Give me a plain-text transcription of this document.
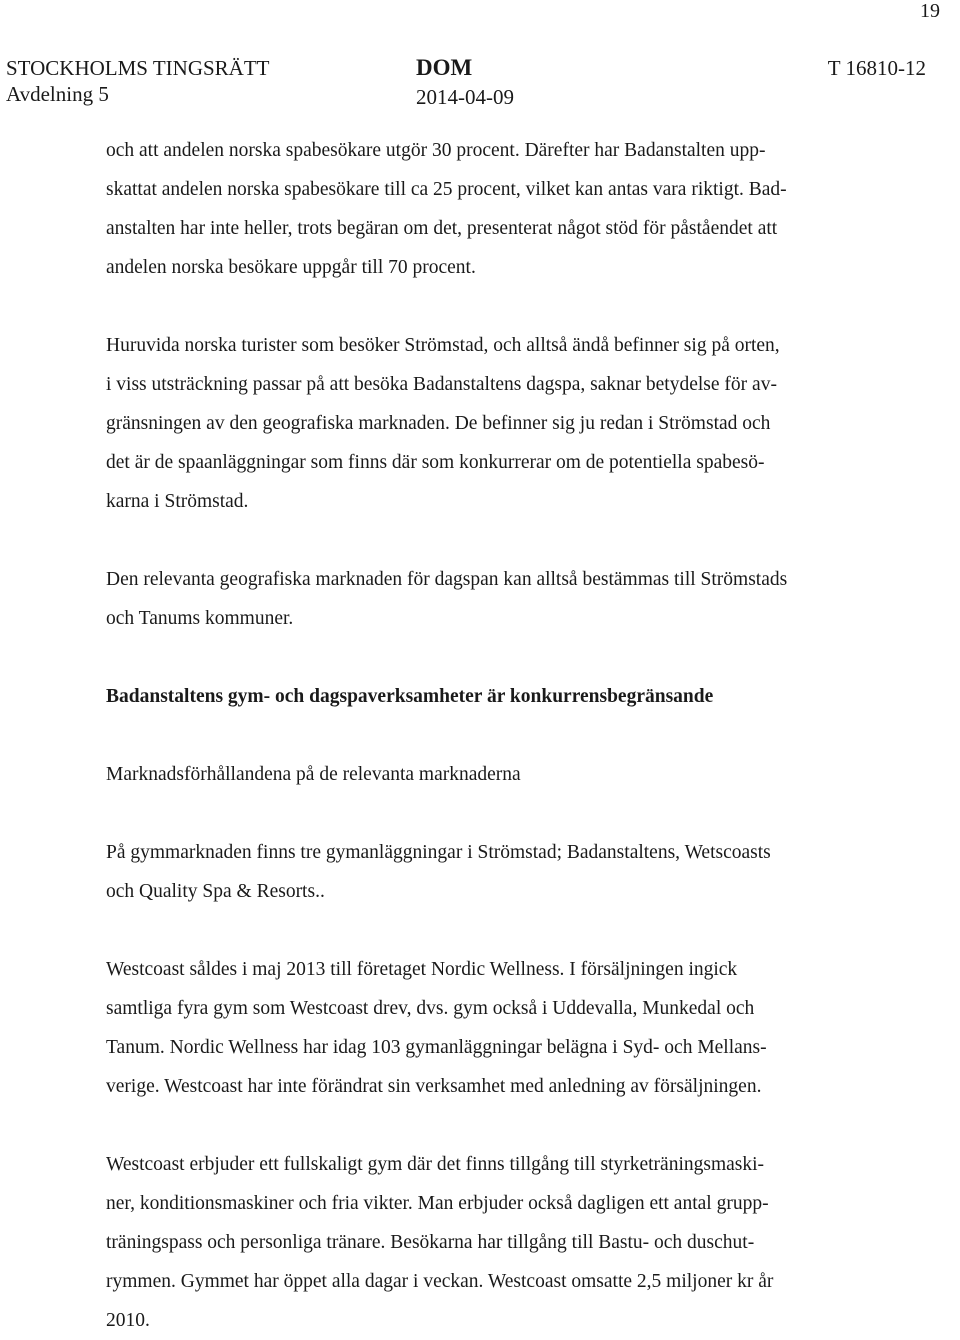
19
STOCKHOLMS TINGSRÄTT
Avdelning 5
DOM
2014-04-09
T 16810-12

och att andelen norska spabesökare utgör 30 procent. Därefter har Badanstalten upp-
skattat andelen norska spabesökare till ca 25 procent, vilket kan antas vara riktigt. Bad-
anstalten har inte heller, trots begäran om det, presenterat något stöd för påståendet att
andelen norska besökare uppgår till 70 procent.

Huruvida norska turister som besöker Strömstad, och alltså ändå befinner sig på orten,
i viss utsträckning passar på att besöka Badanstaltens dagspa, saknar betydelse för av-
gränsningen av den geografiska marknaden. De befinner sig ju redan i Strömstad och
det är de spaanläggningar som finns där som konkurrerar om de potentiella spabesö-
karna i Strömstad.

Den relevanta geografiska marknaden för dagspan kan alltså bestämmas till Strömstads
och Tanums kommuner.

Badanstaltens gym- och dagspaverksamheter är konkurrensbegränsande
Marknadsförhållandena på de relevanta marknaderna

På gymmarknaden finns tre gymanläggningar i Strömstad; Badanstaltens, Wetscoasts
och Quality Spa & Resorts..

Westcoast såldes i maj 2013 till företaget Nordic Wellness. I försäljningen ingick
samtliga fyra gym som Westcoast drev, dvs. gym också i Uddevalla, Munkedal och
Tanum. Nordic Wellness har idag 103 gymanläggningar belägna i Syd- och Mellans-
verige. Westcoast har inte förändrat sin verksamhet med anledning av försäljningen.

Westcoast erbjuder ett fullskaligt gym där det finns tillgång till styrketräningsmaski-
ner, konditionsmaskiner och fria vikter. Man erbjuder också dagligen ett antal grupp-
träningspass och personliga tränare. Besökarna har tillgång till Bastu- och duschut-
rymmen. Gymmet har öppet alla dagar i veckan. Westcoast omsatte 2,5 miljoner kr år
2010.
